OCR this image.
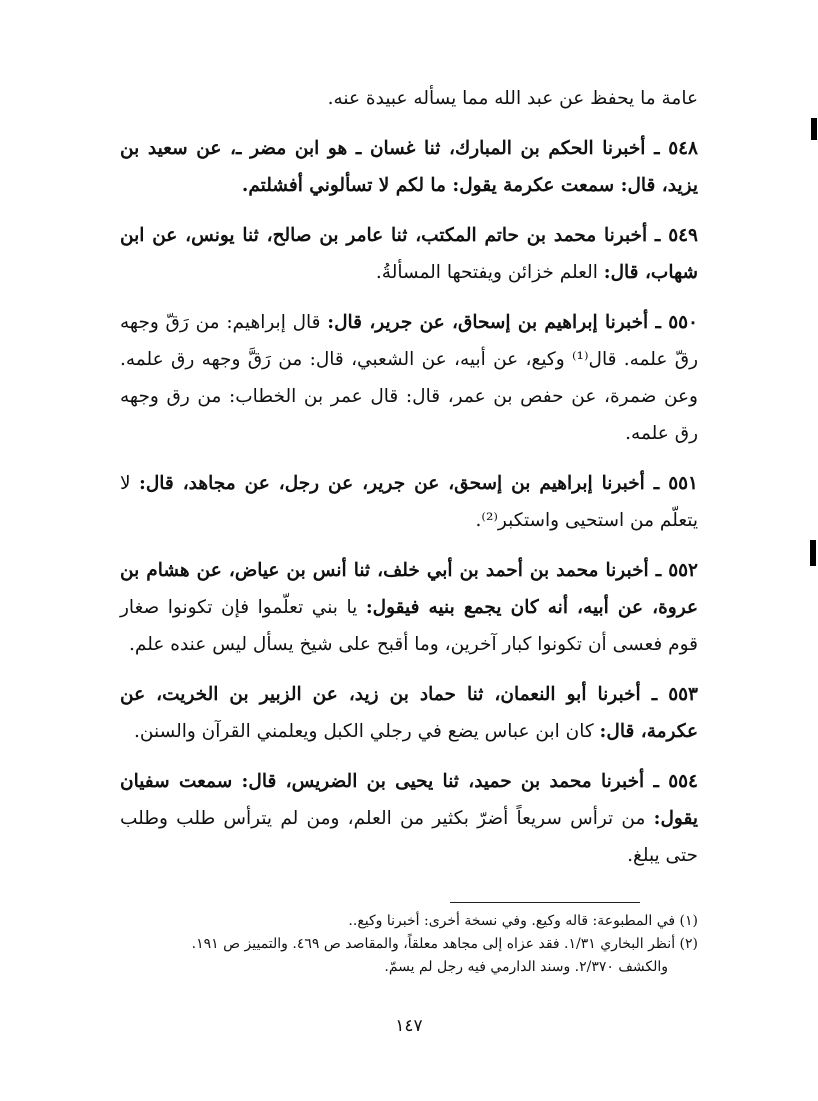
عامة ما يحفظ عن عبد الله مما يسأله عبيدة عنه.

٥٤٨ ـ أخبرنا الحكم بن المبارك، ثنا غسان ـ هو ابن مضر ـ، عن سعيد بن يزيد، قال: سمعت عكرمة يقول: ما لكم لا تسألوني أفشلتم.

٥٤٩ ـ أخبرنا محمد بن حاتم المكتب، ثنا عامر بن صالح، ثنا يونس، عن ابن شهاب، قال: العلم خزائن ويفتحها المسألةُ.

٥٥٠ ـ أخبرنا إبراهيم بن إسحاق، عن جرير، قال: قال إبراهيم: من رَقّ وجهه رقّ علمه. قال⁽¹⁾ وكيع، عن أبيه، عن الشعبي، قال: من رَقَّ وجهه رق علمه. وعن ضمرة، عن حفص بن عمر، قال: قال عمر بن الخطاب: من رق وجهه رق علمه.

٥٥١ ـ أخبرنا إبراهيم بن إسحق، عن جرير، عن رجل، عن مجاهد، قال: لا يتعلّم من استحيى واستكبر⁽²⁾.

٥٥٢ ـ أخبرنا محمد بن أحمد بن أبي خلف، ثنا أنس بن عياض، عن هشام بن عروة، عن أبيه، أنه كان يجمع بنيه فيقول: يا بني تعلّموا فإن تكونوا صغار قوم فعسى أن تكونوا كبار آخرين، وما أقبح على شيخ يسأل ليس عنده علم.

٥٥٣ ـ أخبرنا أبو النعمان، ثنا حماد بن زيد، عن الزبير بن الخريت، عن عكرمة، قال: كان ابن عباس يضع في رجلي الكبل ويعلمني القرآن والسنن.

٥٥٤ ـ أخبرنا محمد بن حميد، ثنا يحيى بن الضريس، قال: سمعت سفيان يقول: من ترأس سريعاً أضرّ بكثير من العلم، ومن لم يترأس طلب وطلب حتى يبلغ.

(١) في المطبوعة: قاله وكيع. وفي نسخة أخرى: أخبرنا وكيع..

(٢) أنظر البخاري ١/٣١. فقد عزاه إلى مجاهد معلقاً، والمقاصد ص ٤٦٩. والتمييز ص ١٩١.

والكشف ٢/٣٧٠. وسند الدارمي فيه رجل لم يسمّ.

١٤٧
